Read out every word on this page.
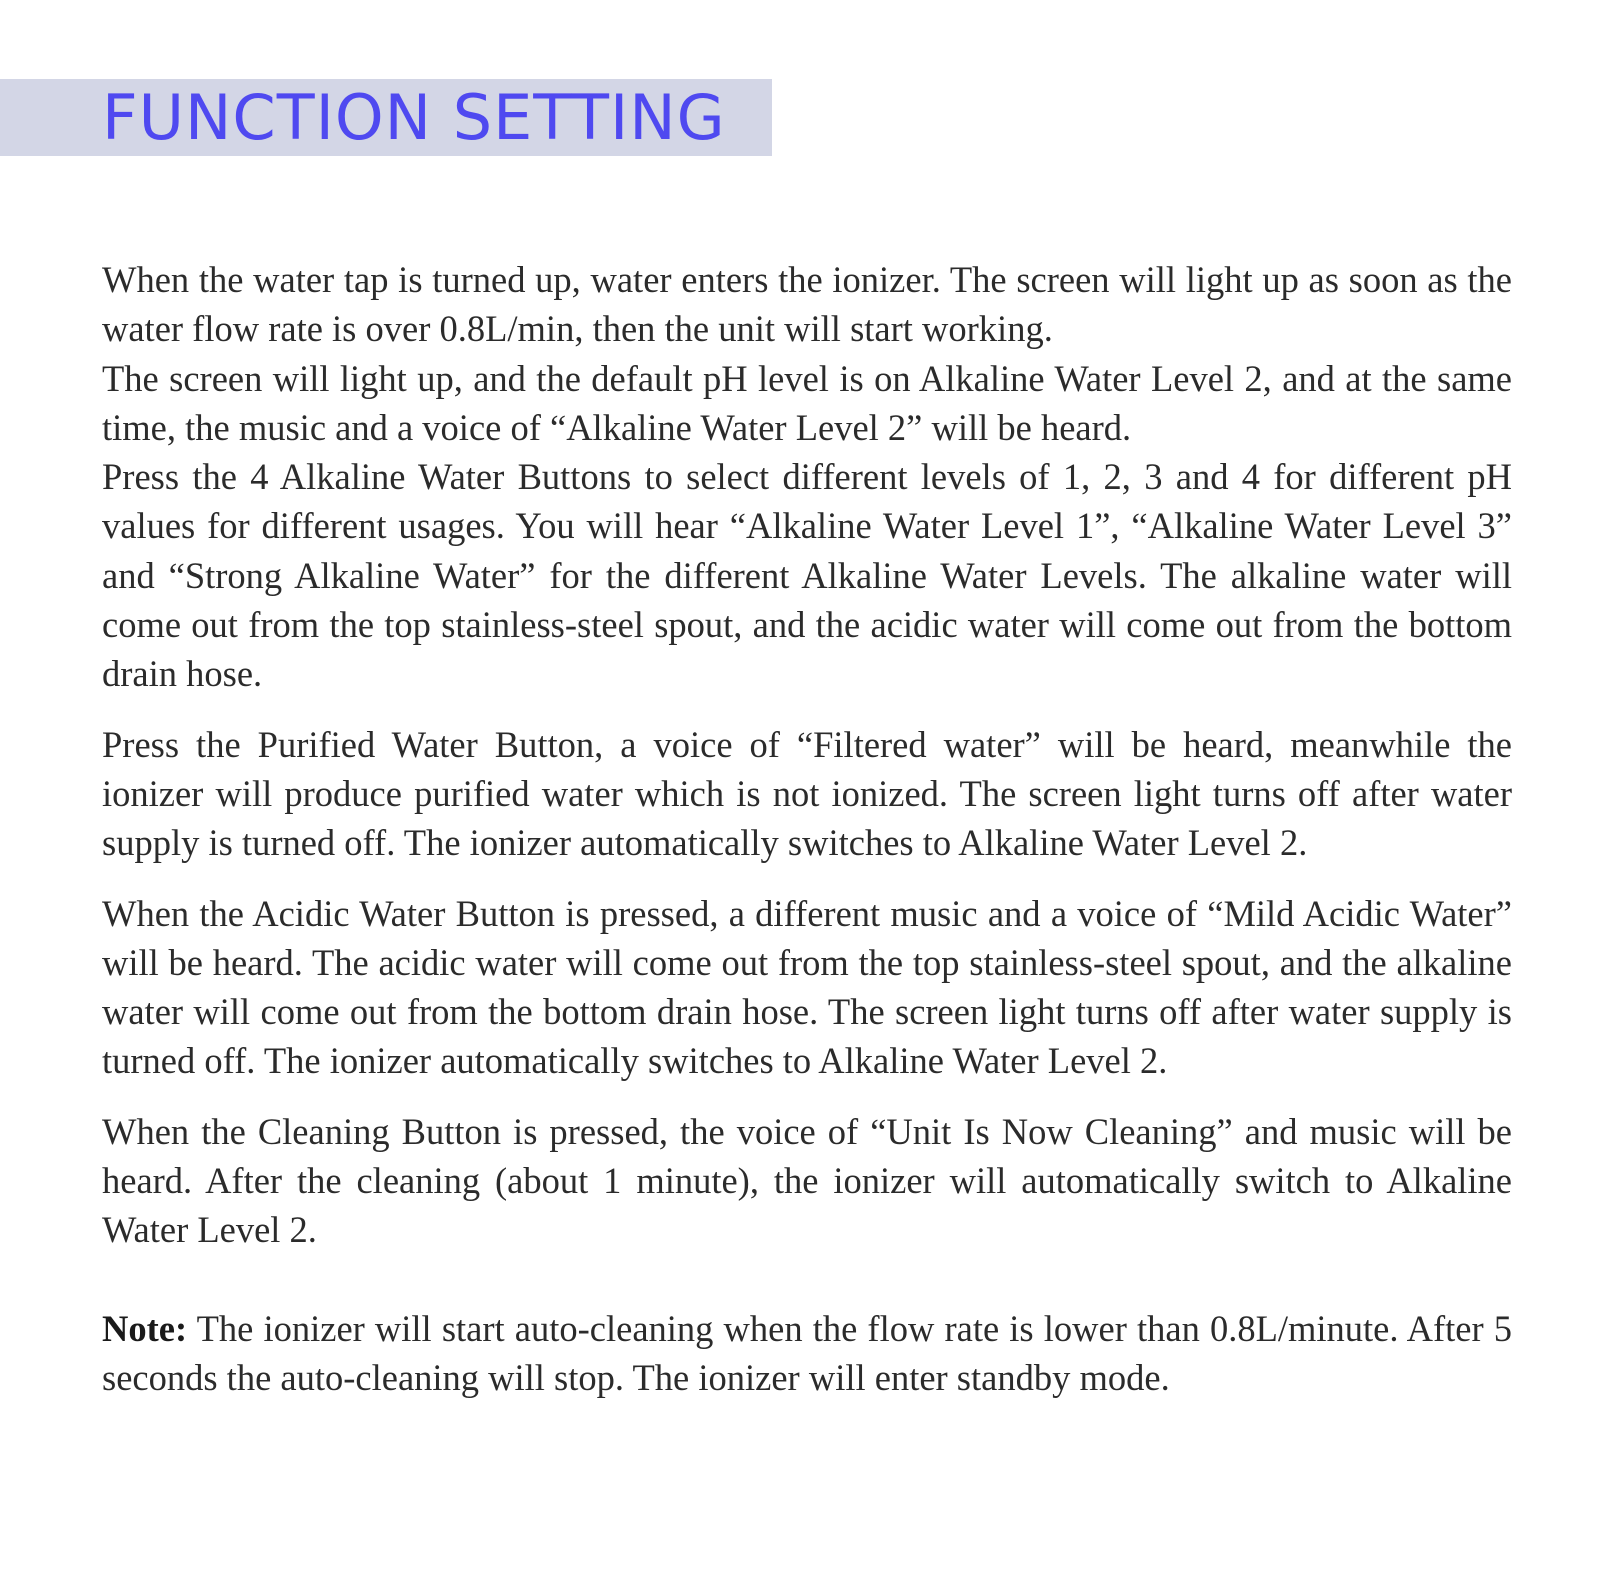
FUNCTION SETTING

When the water tap is turned up, water enters the ionizer. The screen will light up as soon as the water flow rate is over 0.8L/min, then the unit will start working.

The screen will light up, and the default pH level is on Alkaline Water Level 2, and at the same time, the music and a voice of “Alkaline Water Level 2” will be heard.

Press the 4 Alkaline Water Buttons to select different levels of 1, 2, 3 and 4 for different pH values for different usages. You will hear “Alkaline Water Level 1”, “Alkaline Water Level 3” and “Strong Alkaline Water” for the different Alkaline Water Levels. The alkaline water will come out from the top stainless-steel spout, and the acidic water will come out from the bottom drain hose.

Press the Purified Water Button, a voice of “Filtered water” will be heard, meanwhile the ionizer will produce purified water which is not ionized. The screen light turns off after water supply is turned off. The ionizer automatically switches to Alkaline Water Level 2.

When the Acidic Water Button is pressed, a different music and a voice of “Mild Acidic Water” will be heard. The acidic water will come out from the top stainless-steel spout, and the alkaline water will come out from the bottom drain hose. The screen light turns off after water supply is turned off. The ionizer automatically switches to Alkaline Water Level 2.

When the Cleaning Button is pressed, the voice of “Unit Is Now Cleaning” and music will be heard. After the cleaning (about 1 minute), the ionizer will automatically switch to Alkaline Water Level 2.

Note: The ionizer will start auto-cleaning when the flow rate is lower than 0.8L/minute. After 5 seconds the auto-cleaning will stop. The ionizer will enter standby mode.
